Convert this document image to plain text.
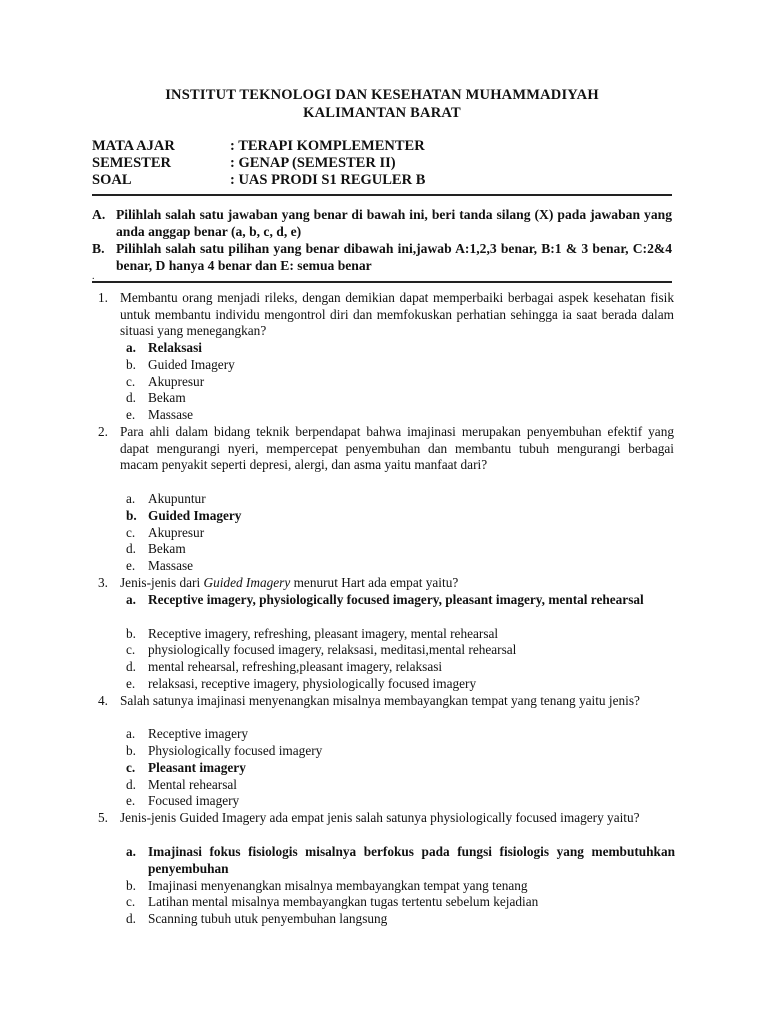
INSTITUT TEKNOLOGI DAN KESEHATAN MUHAMMADIYAH
KALIMANTAN BARAT
MATA AJAR	: TERAPI KOMPLEMENTER
SEMESTER	: GENAP (SEMESTER II)
SOAL	: UAS PRODI S1 REGULER B
A. Pilihlah salah satu jawaban yang benar di bawah ini, beri tanda silang (X) pada jawaban yang anda anggap benar (a, b, c, d, e)
B. Pilihlah salah satu pilihan yang benar dibawah ini,jawab A:1,2,3 benar, B:1 & 3 benar, C:2&4 benar, D hanya 4 benar dan E: semua benar
.
1. Membantu orang menjadi rileks, dengan demikian dapat memperbaiki berbagai aspek kesehatan fisik untuk membantu individu mengontrol diri dan memfokuskan perhatian sehingga ia saat berada dalam situasi yang menegangkan?
a. Relaksasi
b. Guided Imagery
c. Akupresur
d. Bekam
e. Massase
2. Para ahli dalam bidang teknik berpendapat bahwa imajinasi merupakan penyembuhan efektif yang dapat mengurangi nyeri, mempercepat penyembuhan dan membantu tubuh mengurangi berbagai macam penyakit seperti depresi, alergi, dan asma yaitu manfaat dari?
a. Akupuntur
b. Guided Imagery
c. Akupresur
d. Bekam
e. Massase
3. Jenis-jenis dari Guided Imagery menurut Hart ada empat yaitu?
a. Receptive imagery, physiologically focused imagery, pleasant imagery, mental rehearsal
b. Receptive imagery, refreshing, pleasant imagery, mental rehearsal
c. physiologically focused imagery, relaksasi, meditasi,mental rehearsal
d. mental rehearsal, refreshing,pleasant imagery, relaksasi
e. relaksasi, receptive imagery, physiologically focused imagery
4. Salah satunya imajinasi menyenangkan misalnya membayangkan tempat yang tenang yaitu jenis?
a. Receptive imagery
b. Physiologically focused imagery
c. Pleasant imagery
d. Mental rehearsal
e. Focused imagery
5. Jenis-jenis Guided Imagery ada empat jenis salah satunya physiologically focused imagery yaitu?
a. Imajinasi fokus fisiologis misalnya berfokus pada fungsi fisiologis yang membutuhkan penyembuhan
b. Imajinasi menyenangkan misalnya membayangkan tempat yang tenang
c. Latihan mental misalnya membayangkan tugas tertentu sebelum kejadian
d. Scanning tubuh utuk penyembuhan langsung
